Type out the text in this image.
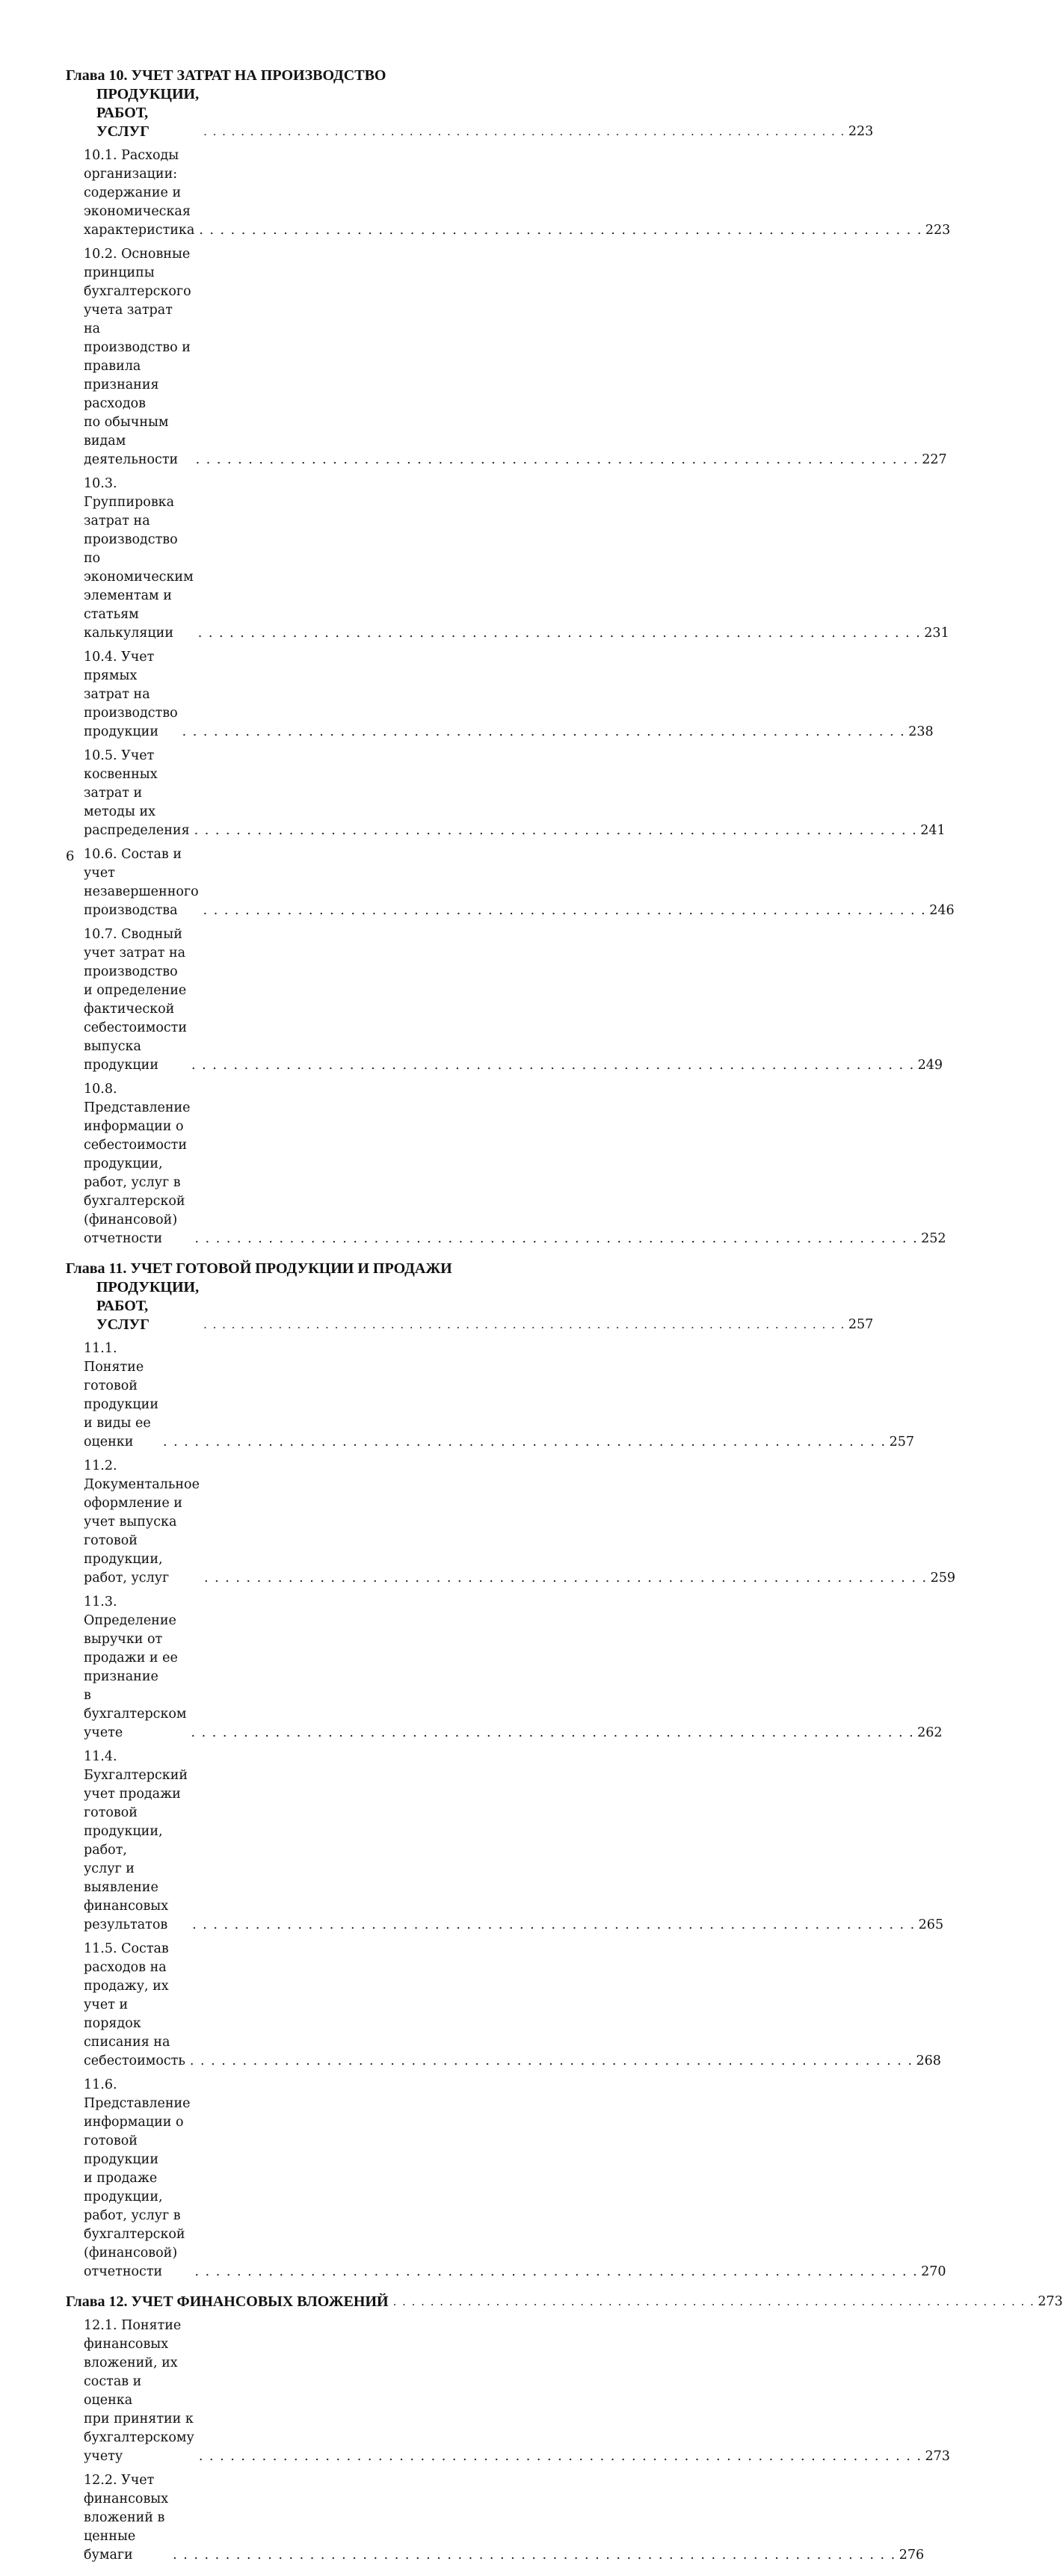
Глава 10. УЧЕТ ЗАТРАТ НА ПРОИЗВОДСТВО
ПРОДУКЦИИ, РАБОТ, УСЛУГ	. . . . . . . . . . . . . . . . . . . . . . . . . . . . . . . . . . . . . . . . . . . . . . . . . . . . . . . . . . . . . . . . . . . . . 223
10.1. Расходы организации:
содержание и экономическая характеристика . . . . . . . . . . . . . . . . . . . . . . . . . . . . . . . . . . . . . . . . . . . . . . . . . . . . . . . . . . . . . . . . . . . . . 223
10.2. Основные принципы бухгалтерского учета затрат
на производство и правила признания расходов
по обычным видам деятельности	. . . . . . . . . . . . . . . . . . . . . . . . . . . . . . . . . . . . . . . . . . . . . . . . . . . . . . . . . . . . . . . . . . . . . 227
10.3. Группировка затрат на производство по экономическим
элементам и статьям калькуляции	. . . . . . . . . . . . . . . . . . . . . . . . . . . . . . . . . . . . . . . . . . . . . . . . . . . . . . . . . . . . . . . . . . . . . 231
10.4. Учет прямых затрат на производство продукции	. . . . . . . . . . . . . . . . . . . . . . . . . . . . . . . . . . . . . . . . . . . . . . . . . . . . . . . . . . . . . . . . . . . . . 238
10.5. Учет косвенных затрат и методы их распределения . . . . . . . . . . . . . . . . . . . . . . . . . . . . . . . . . . . . . . . . . . . . . . . . . . . . . . . . . . . . . . . . . . . . . 241
10.6. Состав и учет незавершенного производства	. . . . . . . . . . . . . . . . . . . . . . . . . . . . . . . . . . . . . . . . . . . . . . . . . . . . . . . . . . . . . . . . . . . . . 246
10.7. Сводный учет затрат на производство и определение
фактической себестоимости выпуска продукции	. . . . . . . . . . . . . . . . . . . . . . . . . . . . . . . . . . . . . . . . . . . . . . . . . . . . . . . . . . . . . . . . . . . . . 249
10.8. Представление информации о себестоимости продукции,
работ, услуг в бухгалтерской (финансовой) отчетности	. . . . . . . . . . . . . . . . . . . . . . . . . . . . . . . . . . . . . . . . . . . . . . . . . . . . . . . . . . . . . . . . . . . . . 252
Глава 11. УЧЕТ ГОТОВОЙ ПРОДУКЦИИ И ПРОДАЖИ
ПРОДУКЦИИ, РАБОТ, УСЛУГ	. . . . . . . . . . . . . . . . . . . . . . . . . . . . . . . . . . . . . . . . . . . . . . . . . . . . . . . . . . . . . . . . . . . . . 257
11.1. Понятие готовой продукции и виды ее оценки	. . . . . . . . . . . . . . . . . . . . . . . . . . . . . . . . . . . . . . . . . . . . . . . . . . . . . . . . . . . . . . . . . . . . . 257
11.2. Документальное оформление и учет выпуска готовой
продукции, работ, услуг	. . . . . . . . . . . . . . . . . . . . . . . . . . . . . . . . . . . . . . . . . . . . . . . . . . . . . . . . . . . . . . . . . . . . . 259
11.3. Определение выручки от продажи и ее признание
в бухгалтерском учете	. . . . . . . . . . . . . . . . . . . . . . . . . . . . . . . . . . . . . . . . . . . . . . . . . . . . . . . . . . . . . . . . . . . . . 262
11.4. Бухгалтерский учет продажи готовой продукции, работ,
услуг и выявление финансовых результатов	. . . . . . . . . . . . . . . . . . . . . . . . . . . . . . . . . . . . . . . . . . . . . . . . . . . . . . . . . . . . . . . . . . . . . 265
11.5. Состав расходов на продажу, их учет и порядок
списания на себестоимость . . . . . . . . . . . . . . . . . . . . . . . . . . . . . . . . . . . . . . . . . . . . . . . . . . . . . . . . . . . . . . . . . . . . . 268
11.6. Представление информации о готовой продукции
и продаже продукции, работ, услуг в бухгалтерской
(финансовой) отчетности	. . . . . . . . . . . . . . . . . . . . . . . . . . . . . . . . . . . . . . . . . . . . . . . . . . . . . . . . . . . . . . . . . . . . . 270
Глава 12. УЧЕТ ФИНАНСОВЫХ ВЛОЖЕНИЙ . . . . . . . . . . . . . . . . . . . . . . . . . . . . . . . . . . . . . . . . . . . . . . . . . . . . . . . . . . . . . . . . . . . . . 273
12.1. Понятие финансовых вложений, их состав и оценка
при принятии к бухгалтерскому учету	. . . . . . . . . . . . . . . . . . . . . . . . . . . . . . . . . . . . . . . . . . . . . . . . . . . . . . . . . . . . . . . . . . . . . 273
12.2. Учет финансовых вложений в ценные бумаги	. . . . . . . . . . . . . . . . . . . . . . . . . . . . . . . . . . . . . . . . . . . . . . . . . . . . . . . . . . . . . . . . . . . . . 276
6
